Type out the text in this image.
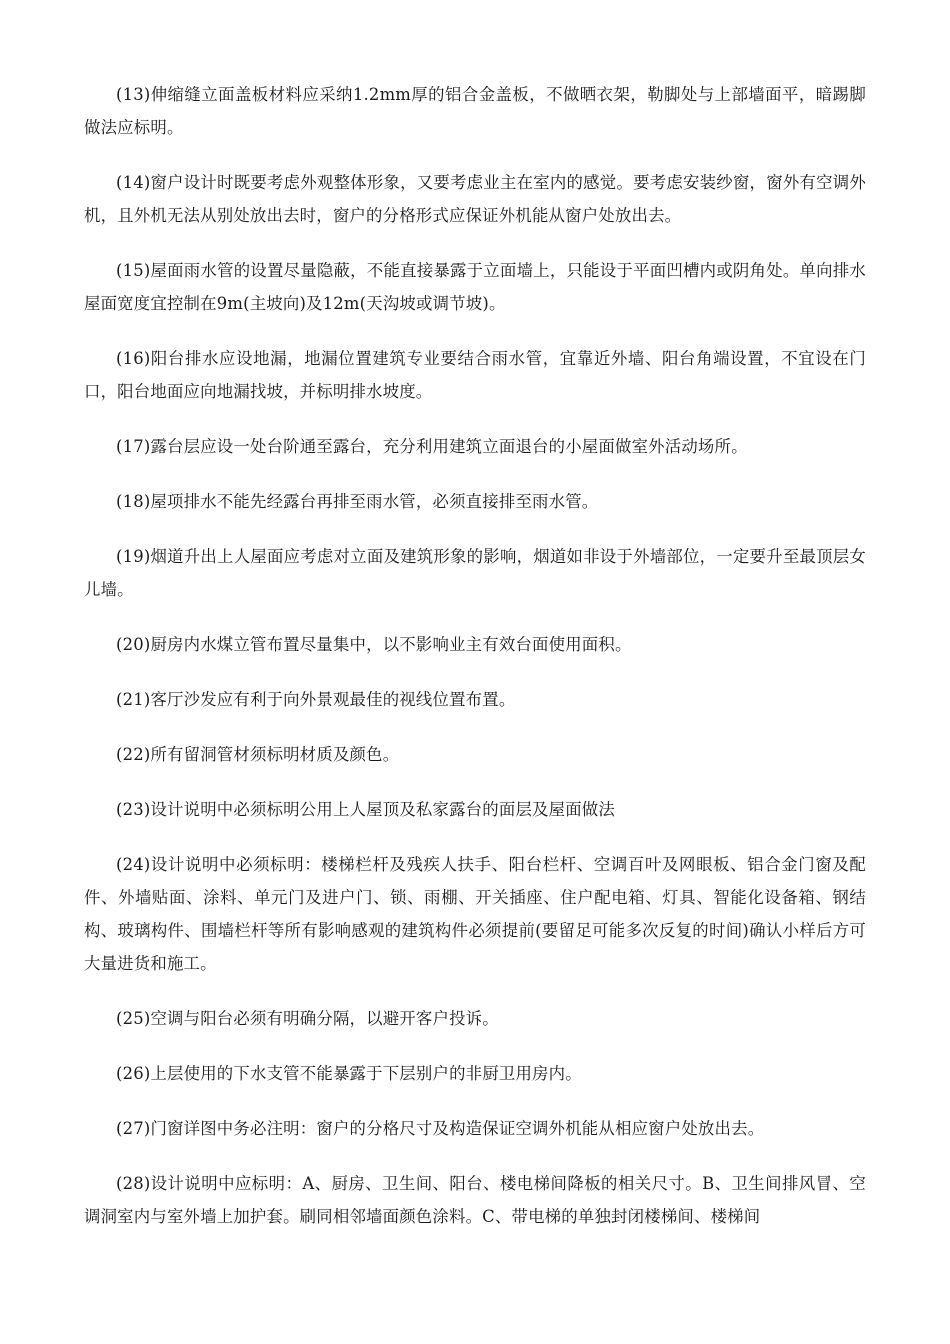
(13)伸缩缝立面盖板材料应采纳1.2mm厚的铝合金盖板，不做晒衣架，勒脚处与上部墙面平，暗踢脚做法应标明。

(14)窗户设计时既要考虑外观整体形象，又要考虑业主在室内的感觉。要考虑安装纱窗，窗外有空调外机，且外机无法从别处放出去时，窗户的分格形式应保证外机能从窗户处放出去。

(15)屋面雨水管的设置尽量隐蔽，不能直接暴露于立面墙上，只能设于平面凹槽内或阴角处。单向排水屋面宽度宜控制在9m(主坡向)及12m(天沟坡或调节坡)。

(16)阳台排水应设地漏，地漏位置建筑专业要结合雨水管，宜靠近外墙、阳台角端设置，不宜设在门口，阳台地面应向地漏找坡，并标明排水坡度。

(17)露台层应设一处台阶通至露台，充分利用建筑立面退台的小屋面做室外活动场所。

(18)屋项排水不能先经露台再排至雨水管，必须直接排至雨水管。

(19)烟道升出上人屋面应考虑对立面及建筑形象的影响，烟道如非设于外墙部位，一定要升至最顶层女儿墙。

(20)厨房内水煤立管布置尽量集中，以不影响业主有效台面使用面积。

(21)客厅沙发应有利于向外景观最佳的视线位置布置。

(22)所有留洞管材须标明材质及颜色。

(23)设计说明中必须标明公用上人屋顶及私家露台的面层及屋面做法

(24)设计说明中必须标明：楼梯栏杆及残疾人扶手、阳台栏杆、空调百叶及网眼板、铝合金门窗及配件、外墙贴面、涂料、单元门及进户门、锁、雨棚、开关插座、住户配电箱、灯具、智能化设备箱、钢结构、玻璃构件、围墙栏杆等所有影响感观的建筑构件必须提前(要留足可能多次反复的时间)确认小样后方可大量进货和施工。

(25)空调与阳台必须有明确分隔，以避开客户投诉。

(26)上层使用的下水支管不能暴露于下层别户的非厨卫用房内。

(27)门窗详图中务必注明：窗户的分格尺寸及构造保证空调外机能从相应窗户处放出去。

(28)设计说明中应标明：A、厨房、卫生间、阳台、楼电梯间降板的相关尺寸。B、卫生间排风冒、空调洞室内与室外墙上加护套。刷同相邻墙面颜色涂料。C、带电梯的单独封闭楼梯间、楼梯间
